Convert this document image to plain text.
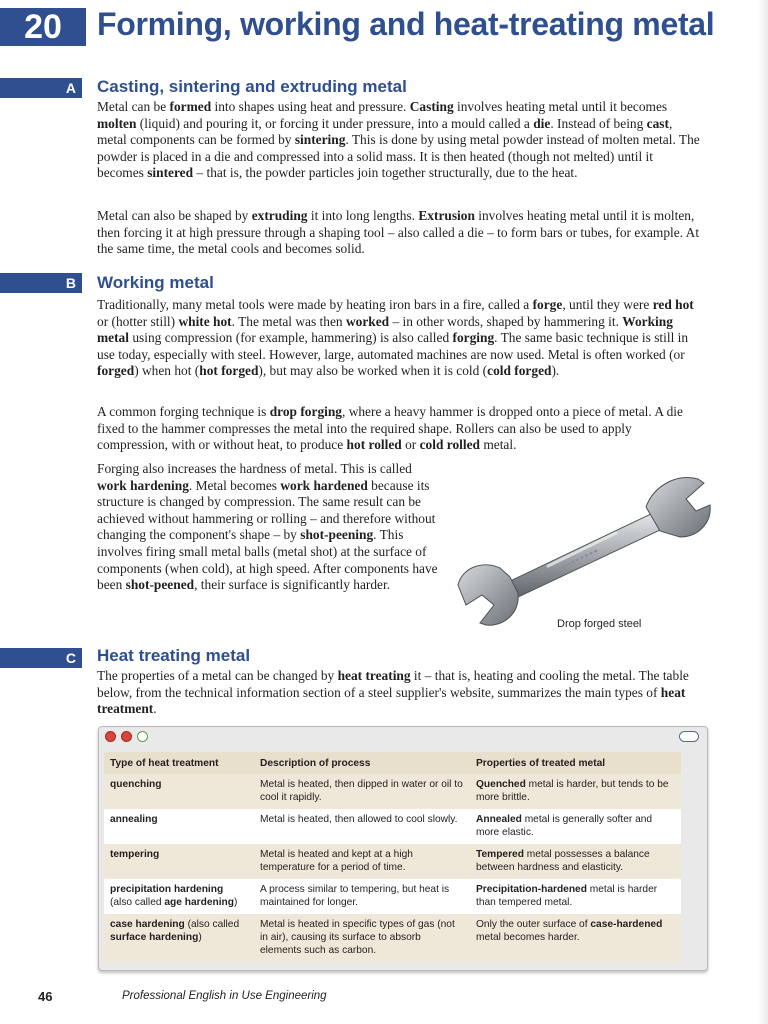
20	Forming, working and heat-treating metal
A Casting, sintering and extruding metal

Metal can be formed into shapes using heat and pressure. Casting involves heating metal until it becomes molten (liquid) and pouring it, or forcing it under pressure, into a mould called a die. Instead of being cast, metal components can be formed by sintering. This is done by using metal powder instead of molten metal. The powder is placed in a die and compressed into a solid mass. It is then heated (though not melted) until it becomes sintered – that is, the powder particles join together structurally, due to the heat.

Metal can also be shaped by extruding it into long lengths. Extrusion involves heating metal until it is molten, then forcing it at high pressure through a shaping tool – also called a die – to form bars or tubes, for example. At the same time, the metal cools and becomes solid.

B Working metal

Traditionally, many metal tools were made by heating iron bars in a fire, called a forge, until they were red hot or (hotter still) white hot. The metal was then worked – in other words, shaped by hammering it. Working metal using compression (for example, hammering) is also called forging. The same basic technique is still in use today, especially with steel. However, large, automated machines are now used. Metal is often worked (or forged) when hot (hot forged), but may also be worked when it is cold (cold forged).

A common forging technique is drop forging, where a heavy hammer is dropped onto a piece of metal. A die fixed to the hammer compresses the metal into the required shape. Rollers can also be used to apply compression, with or without heat, to produce hot rolled or cold rolled metal.

Forging also increases the hardness of metal. This is called work hardening. Metal becomes work hardened because its structure is changed by compression. The same result can be achieved without hammering or rolling – and therefore without changing the component's shape – by shot-peening. This involves firing small metal balls (metal shot) at the surface of components (when cold), at high speed. After components have been shot-peened, their surface is significantly harder.

Drop forged steel
C Heat treating metal

The properties of a metal can be changed by heat treating it – that is, heating and cooling the metal. The table below, from the technical information section of a steel supplier's website, summarizes the main types of heat treatment.

Type of heat treatment	Description of process	Properties of treated metal
quenching	Metal is heated, then dipped in water or oil to cool it rapidly.	Quenched metal is harder, but tends to be more brittle.
annealing	Metal is heated, then allowed to cool slowly.	Annealed metal is generally softer and more elastic.
tempering	Metal is heated and kept at a high temperature for a period of time.	Tempered metal possesses a balance between hardness and elasticity.
precipitation hardening (also called age hardening)	A process similar to tempering, but heat is maintained for longer.	Precipitation-hardened metal is harder than tempered metal.
case hardening (also called surface hardening)	Metal is heated in specific types of gas (not in air), causing its surface to absorb elements such as carbon.	Only the outer surface of case-hardened metal becomes harder.
46	Professional English in Use Engineering
